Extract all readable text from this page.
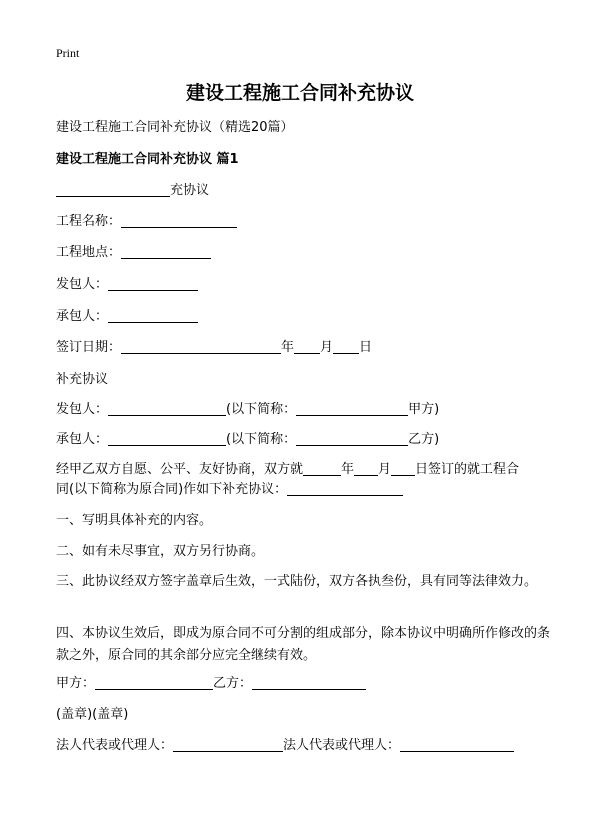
Print
建设工程施工合同补充协议
建设工程施工合同补充协议（精选20篇）
建设工程施工合同补充协议 篇1
充协议
工程名称：
工程地点：
发包人：
承包人：
签订日期：	年 月 日
补充协议
发包人：	(以下简称：	甲方)
承包人：	(以下简称：	乙方)
经甲乙双方自愿、公平、友好协商，双方就	年 月 日签订的就工程合
同(以下简称为原合同)作如下补充协议：
一、写明具体补充的内容。
二、如有未尽事宜，双方另行协商。
三、此协议经双方签字盖章后生效，一式陆份，双方各执叁份，具有同等法律效力。
四、本协议生效后，即成为原合同不可分割的组成部分，除本协议中明确所作修改的条款之外，原合同的其余部分应完全继续有效。
甲方：	乙方：
(盖章)(盖章)
法人代表或代理人：	法人代表或代理人：
